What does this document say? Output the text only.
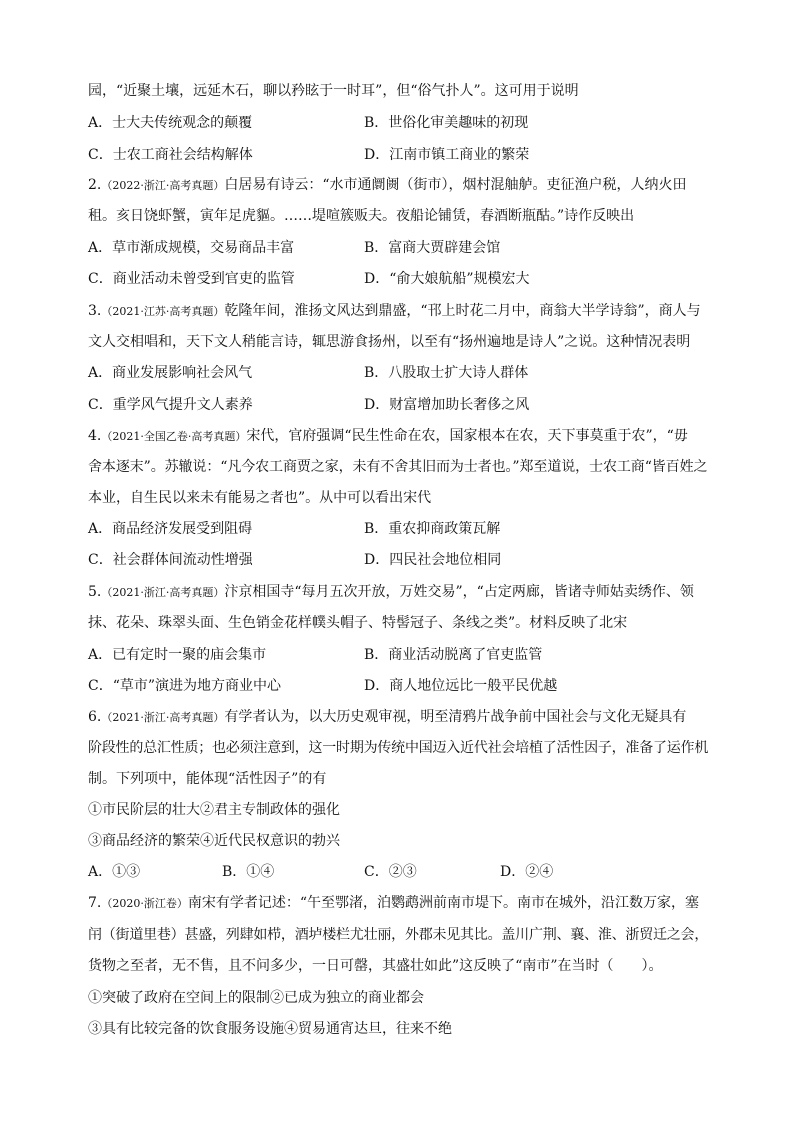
园，“近聚土壤，远延木石，聊以矜眩于一时耳”，但“俗气扑人”。这可用于说明
A．士大夫传统观念的颠覆	B．世俗化审美趣味的初现
C．士农工商社会结构解体	D．江南市镇工商业的繁荣
2.（2022·浙江·高考真题）白居易有诗云：“水市通阛阓（街市），烟村混舳舻。吏征渔户税，人纳火田
租。亥日饶虾蟹，寅年足虎貙。……堤喧簇贩夫。夜船论铺赁，春酒断瓶酤。”诗作反映出
A．草市渐成规模，交易商品丰富	B．富商大贾辟建会馆
C．商业活动未曾受到官吏的监管	D．“俞大娘航船”规模宏大
3.（2021·江苏·高考真题）乾隆年间，淮扬文风达到鼎盛，“邗上时花二月中，商翁大半学诗翁”，商人与
文人交相唱和，天下文人稍能言诗，辄思游食扬州，以至有“扬州遍地是诗人”之说。这种情况表明
A．商业发展影响社会风气	B．八股取士扩大诗人群体
C．重学风气提升文人素养	D．财富增加助长奢侈之风
4.（2021·全国乙卷·高考真题）宋代，官府强调“民生性命在农，国家根本在农，天下事莫重于农”，“毋
舍本逐末”。苏辙说：“凡今农工商贾之家，未有不舍其旧而为士者也。”郑至道说，士农工商“皆百姓之
本业，自生民以来未有能易之者也”。从中可以看出宋代
A．商品经济发展受到阻碍	B．重农抑商政策瓦解
C．社会群体间流动性增强	D．四民社会地位相同
5.（2021·浙江·高考真题）汴京相国寺“每月五次开放，万姓交易”，“占定两廊，皆诸寺师姑卖绣作、领
抹、花朵、珠翠头面、生色销金花样幞头帽子、特髻冠子、条线之类”。材料反映了北宋
A．已有定时一聚的庙会集市	B．商业活动脱离了官吏监管
C．“草市”演进为地方商业中心	D．商人地位远比一般平民优越
6.（2021·浙江·高考真题）有学者认为，以大历史观审视，明至清鸦片战争前中国社会与文化无疑具有
阶段性的总汇性质；也必须注意到，这一时期为传统中国迈入近代社会培植了活性因子，准备了运作机
制。下列项中，能体现“活性因子”的有
①市民阶层的壮大②君主专制政体的强化
③商品经济的繁荣④近代民权意识的勃兴
A．①③	B．①④	C．②③	D．②④
7.（2020·浙江卷）南宋有学者记述：“午至鄂渚，泊鹦鹉洲前南市堤下。南市在城外，沿江数万家，塞
闬（街道里巷）甚盛，列肆如栉，酒垆楼栏尤壮丽，外郡未见其比。盖川广荆、襄、淮、浙贸迁之会，
货物之至者，无不售，且不问多少，一日可罄，其盛壮如此”这反映了“南市”在当时（　　）。
①突破了政府在空间上的限制②已成为独立的商业都会
③具有比较完备的饮食服务设施④贸易通宵达旦，往来不绝
